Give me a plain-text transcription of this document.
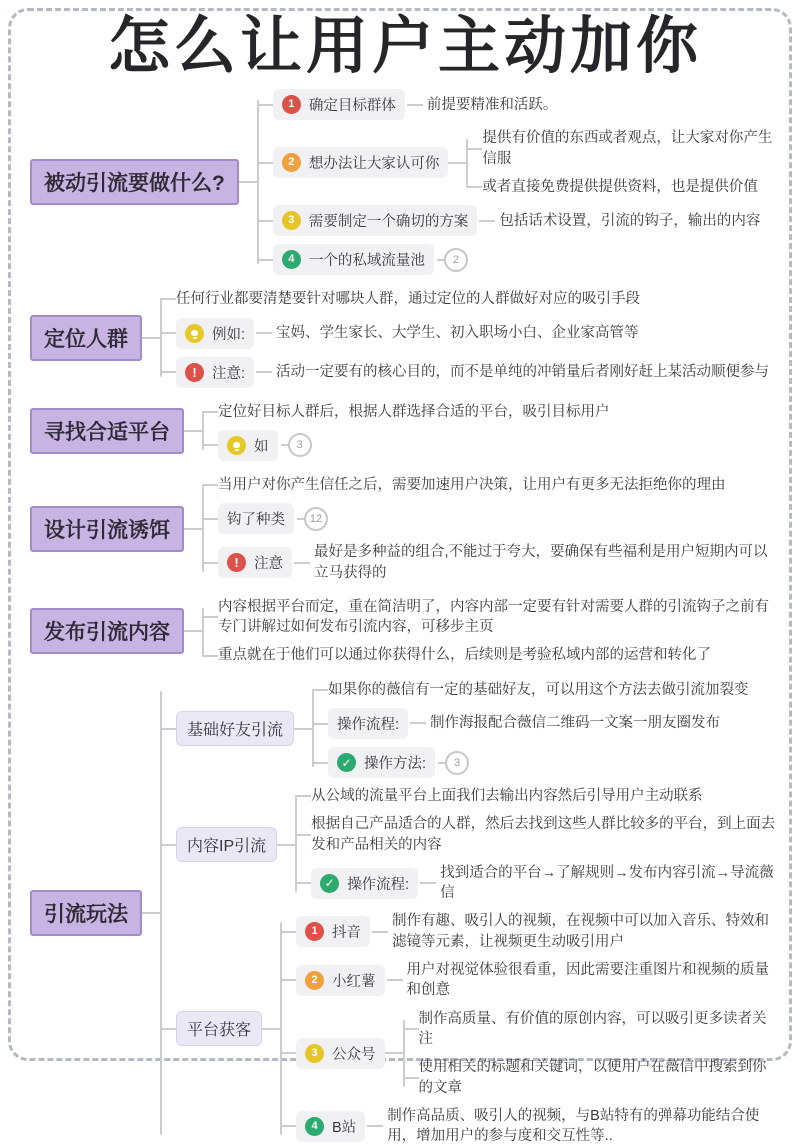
怎么让用户主动加你
被动引流要做什么?
1 确定目标群体 前提要精准和活跃。
2 想办法让大家认可你
提供有价值的东西或者观点，让大家对你产生信服
或者直接免费提供提供资料，也是提供价值
3 需要制定一个确切的方案 包括话术设置，引流的钩子，输出的内容
4 一个的私域流量池	2
定位人群
任何行业都要清楚要针对哪块人群，通过定位的人群做好对应的吸引手段
例如: 宝妈、学生家长、大学生、初入职场小白、企业家高管等
!
注意: 活动一定要有的核心目的，而不是单纯的冲销量后者刚好赶上某活动顺便参与
寻找合适平台
定位好目标人群后，根据人群选择合适的平台，吸引目标用户
如	3
设计引流诱饵
当用户对你产生信任之后，需要加速用户决策，让用户有更多无法拒绝你的理由
钩了种类	12
!
注意
最好是多种益的组合,不能过于夸大，要确保有些福利是用户短期内可以立马获得的
发布引流内容
内容根据平台而定，重在简洁明了，内容内部一定要有针对需要人群的引流钩子之前有专门讲解过如何发布引流内容，可移步主页
重点就在于他们可以通过你获得什么，后续则是考验私域内部的运营和转化了
引流玩法
基础好友引流
如果你的薇信有一定的基础好友，可以用这个方法去做引流加裂变
操作流程: 制作海报配合薇信二维码一文案一朋友圈发布
✓
操作方法:	3
内容IP引流
从公域的流量平台上面我们去输出内容然后引导用户主动联系
根据自己产品适合的人群，然后去找到这些人群比较多的平台，到上面去发和产品相关的内容
✓
操作流程:
找到适合的平台→了解规则→发布内容引流→导流薇信
平台获客
1 抖音
制作有趣、吸引人的视频，在视频中可以加入音乐、特效和滤镜等元素，让视频更生动吸引用户
2 小红薯
用户对视觉体验很看重，因此需要注重图片和视频的质量和创意
3 公众号
制作高质量、有价值的原创内容，可以吸引更多读者关注
使用相关的标题和关键词，以便用户在薇信中搜索到你的文章
4 B站
制作高品质、吸引人的视频，与B站特有的弹幕功能结合使用，增加用户的参与度和交互性等..
